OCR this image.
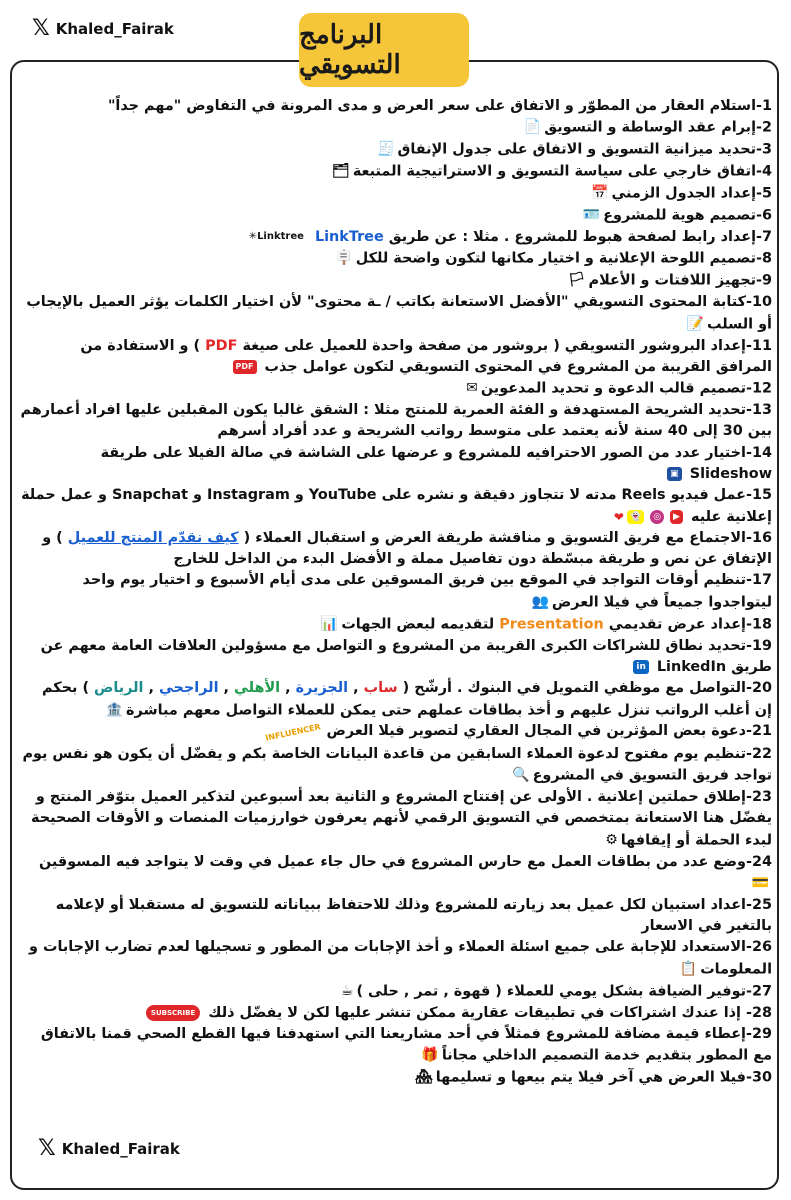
𝕏 Khaled_Fairak	البرنامج التسويقي

1-استلام العقار من المطوّر و الاتفاق على سعر العرض و مدى المرونة في التفاوض "مهم جداً"

2-إبرام عقد الوساطة و التسويق📄

3-تحديد ميزانية التسويق و الاتفاق على جدول الإنفاق🧾

4-اتفاق خارجي على سياسة التسويق و الاستراتيجية المتبعة🗂

5-إعداد الجدول الزمني📅

6-تصميم هوية للمشروع🪪

7-إعداد رابط لصفحة هبوط للمشروع . مثلا : عن طريق LinkTree Linktree✳

8-تصميم اللوحة الإعلانية و اختيار مكانها لتكون واضحة للكل🪧

9-تجهيز اللافتات و الأعلام🏳

10-كتابة المحتوى التسويقي "الأفضل الاستعانة بكاتب / ـة محتوى" لأن اختيار الكلمات يؤثر العميل بالإيجاب أو السلب📝

11-إعداد البروشور التسويقي ( بروشور من صفحة واحدة للعميل على صيغة PDF ) و الاستفادة من المرافق القريبة من المشروع في المحتوى التسويقي لتكون عوامل جذب PDF

12-تصميم قالب الدعوة و تحديد المدعوين✉

13-تحديد الشريحة المستهدفة و الفئة العمرية للمنتج مثلا : الشقق غالبا يكون المقبلين عليها افراد أعمارهم بين 30 إلى 40 سنة لأنه يعتمد على متوسط رواتب الشريحة و عدد أفراد أسرهم

14-اختيار عدد من الصور الاحترافيه للمشروع و عرضها على الشاشة في صالة الفيلا على طريقة Slideshow ▣

15-عمل فيديو Reels مدته لا تتجاوز دقيقة و نشره على YouTube و Instagram و Snapchat و عمل حملة إعلانية عليه ▶◎👻❤

16-الاجتماع مع فريق التسويق و مناقشة طريقة العرض و استقبال العملاء ( كيف نقدّم المنتج للعميل ) و الإتفاق عن نص و طريقة مبسّطة دون تفاصيل مملة و الأفضل البدء من الداخل للخارج

17-تنظيم أوقات التواجد في الموقع بين فريق المسوقين على مدى أيام الأسبوع و اختيار يوم واحد ليتواجدوا جميعاً في فيلا العرض👥

18-إعداد عرض تقديمي Presentation لتقديمه لبعض الجهات📊

19-تحديد نطاق للشراكات الكبرى القريبة من المشروع و التواصل مع مسؤولين العلاقات العامة معهم عن طريق LinkedIn in

20-التواصل مع موظفي التمويل في البنوك . أرشّح ( ساب , الجزيرة , الأهلي , الراجحي , الرياض ) بحكم إن أغلب الرواتب تنزل عليهم و أخذ بطاقات عملهم حتى يمكن للعملاء التواصل معهم مباشرة🏦

21-دعوة بعض المؤثرين في المجال العقاري لتصوير فيلا العرض INFLUENCER

22-تنظيم يوم مفتوح لدعوة العملاء السابقين من قاعدة البيانات الخاصة بكم و يفضّل أن يكون هو نفس يوم تواجد فريق التسويق في المشروع🔍

23-إطلاق حملتين إعلانية . الأولى عن إفتتاح المشروع و الثانية بعد أسبوعين لتذكير العميل بتوّفر المنتج و يفضّل هنا الاستعانة بمتخصص في التسويق الرقمي لأنهم يعرفون خوارزميات المنصات و الأوقات الصحيحة لبدء الحملة أو إيقافها⚙

24-وضع عدد من بطاقات العمل مع حارس المشروع في حال جاء عميل في وقت لا يتواجد فيه المسوقين💳

25-اعداد استبيان لكل عميل بعد زيارته للمشروع وذلك للاحتفاظ ببياناته للتسويق له مستقبلا أو لإعلامه بالتغير في الاسعار

26-الاستعداد للإجابة على جميع اسئلة العملاء و أخذ الإجابات من المطور و تسجيلها لعدم تضارب الإجابات و المعلومات📋

27-توفير الضيافة بشكل يومي للعملاء ( قهوة , تمر , حلى )☕

28- إذا عندك اشتراكات في تطبيقات عقارية ممكن تنشر عليها لكن لا يفضّل ذلك SUBSCRIBE

29-إعطاء قيمة مضافة للمشروع فمثلاً في أحد مشاريعنا التي استهدفنا فيها القطع الصحي قمنا بالاتفاق مع المطور بتقديم خدمة التصميم الداخلي مجاناً🎁

30-فيلا العرض هي آخر فيلا يتم بيعها و تسليمها🏘

𝕏 Khaled_Fairak
